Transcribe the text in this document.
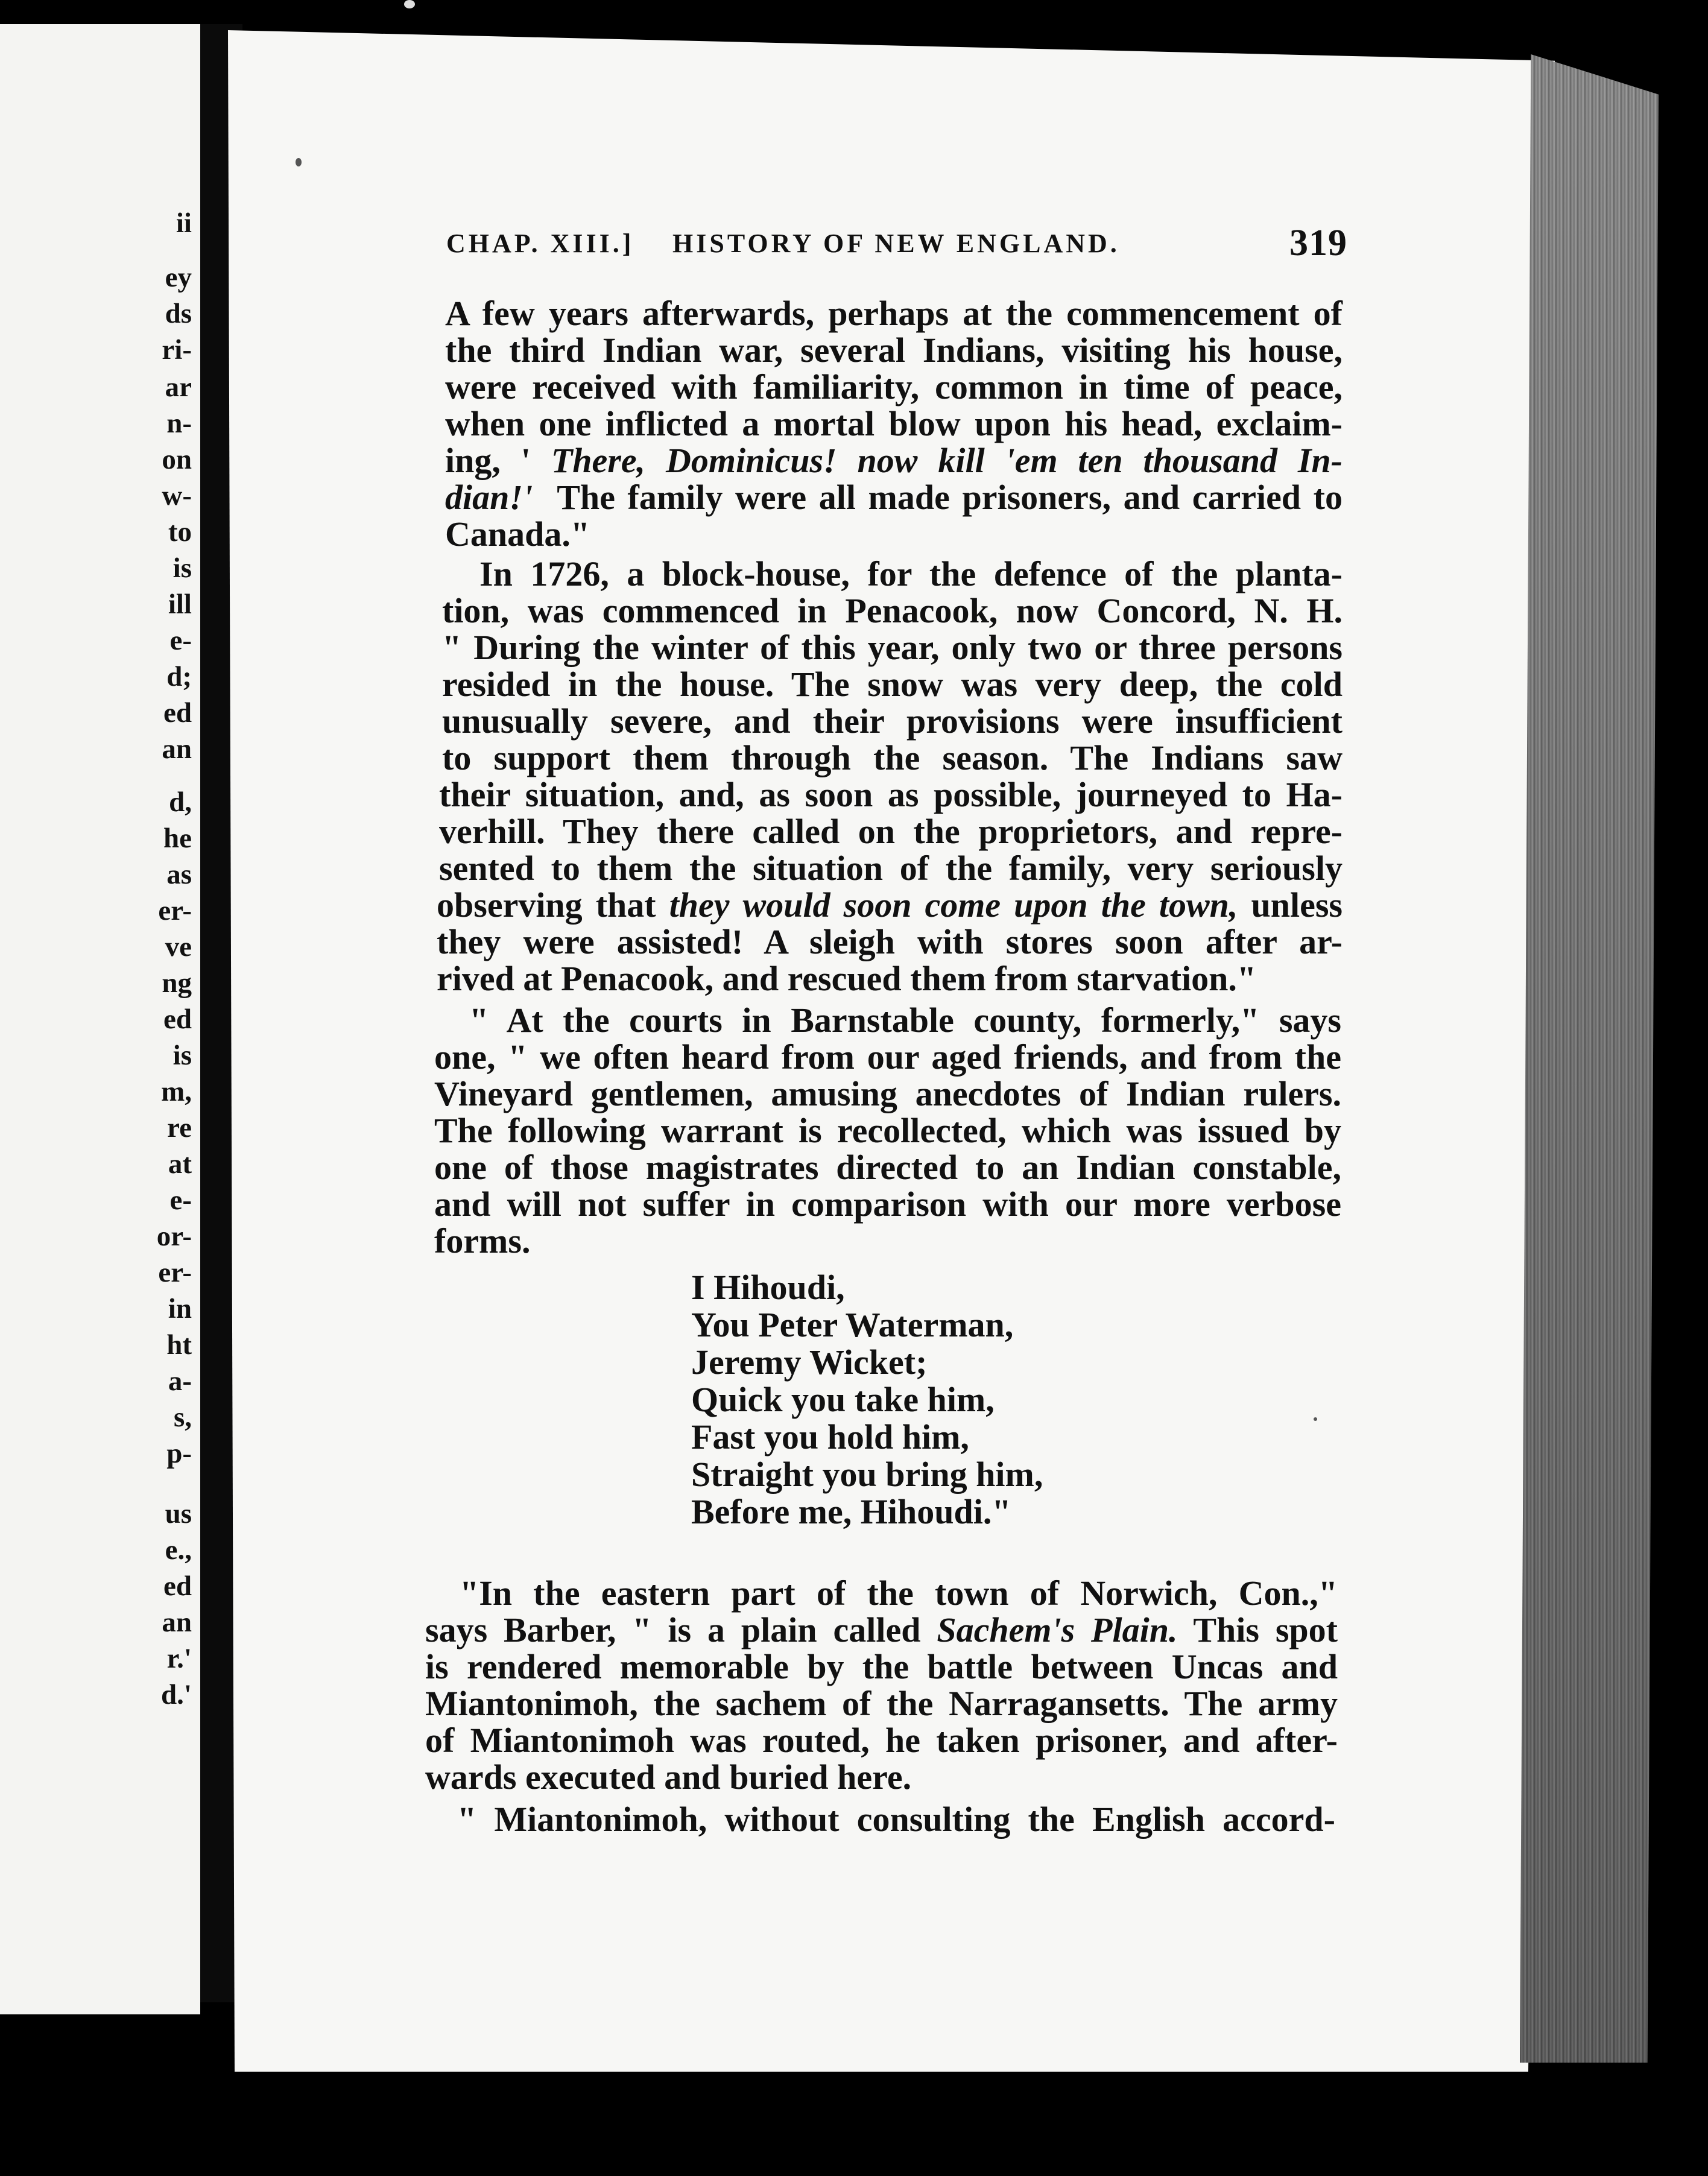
ii
ey
ds
ri-
ar
n-
on
w-
to
is
ill
e-
d;
ed
an
d,
he
as
er-
ve
ng
ed
is
m,
re
at
e-
or-
er-
in
ht
a-
s,
p-
us
e.,
ed
an
r.'
d.'
CHAP. XIII.] HISTORY OF NEW ENGLAND.	319
A few years afterwards, perhaps at the commencement of
the third Indian war, several Indians, visiting his house,
were received with familiarity, common in time of peace,
when one inflicted a mortal blow upon his head, exclaim-
ing, ' There, Dominicus! now kill 'em ten thousand In-
dian!'  The family were all made prisoners, and carried to
Canada."
In 1726, a block-house, for the defence of the planta-
tion, was commenced in Penacook, now Concord, N. H.
" During the winter of this year, only two or three persons
resided in the house. The snow was very deep, the cold
unusually severe, and their provisions were insufficient
to support them through the season. The Indians saw
their situation, and, as soon as possible, journeyed to Ha-
verhill. They there called on the proprietors, and repre-
sented to them the situation of the family, very seriously
observing that they would soon come upon the town, unless
they were assisted! A sleigh with stores soon after ar-
rived at Penacook, and rescued them from starvation."
" At the courts in Barnstable county, formerly," says
one, " we often heard from our aged friends, and from the
Vineyard gentlemen, amusing anecdotes of Indian rulers.
The following warrant is recollected, which was issued by
one of those magistrates directed to an Indian constable,
and will not suffer in comparison with our more verbose
forms.
I Hihoudi,
You Peter Waterman,
Jeremy Wicket;
Quick you take him,
Fast you hold him,
Straight you bring him,
Before me, Hihoudi."
"In the eastern part of the town of Norwich, Con.,"
says Barber, " is a plain called Sachem's Plain. This spot
is rendered memorable by the battle between Uncas and
Miantonimoh, the sachem of the Narragansetts. The army
of Miantonimoh was routed, he taken prisoner, and after-
wards executed and buried here.
" Miantonimoh, without consulting the English accord-
